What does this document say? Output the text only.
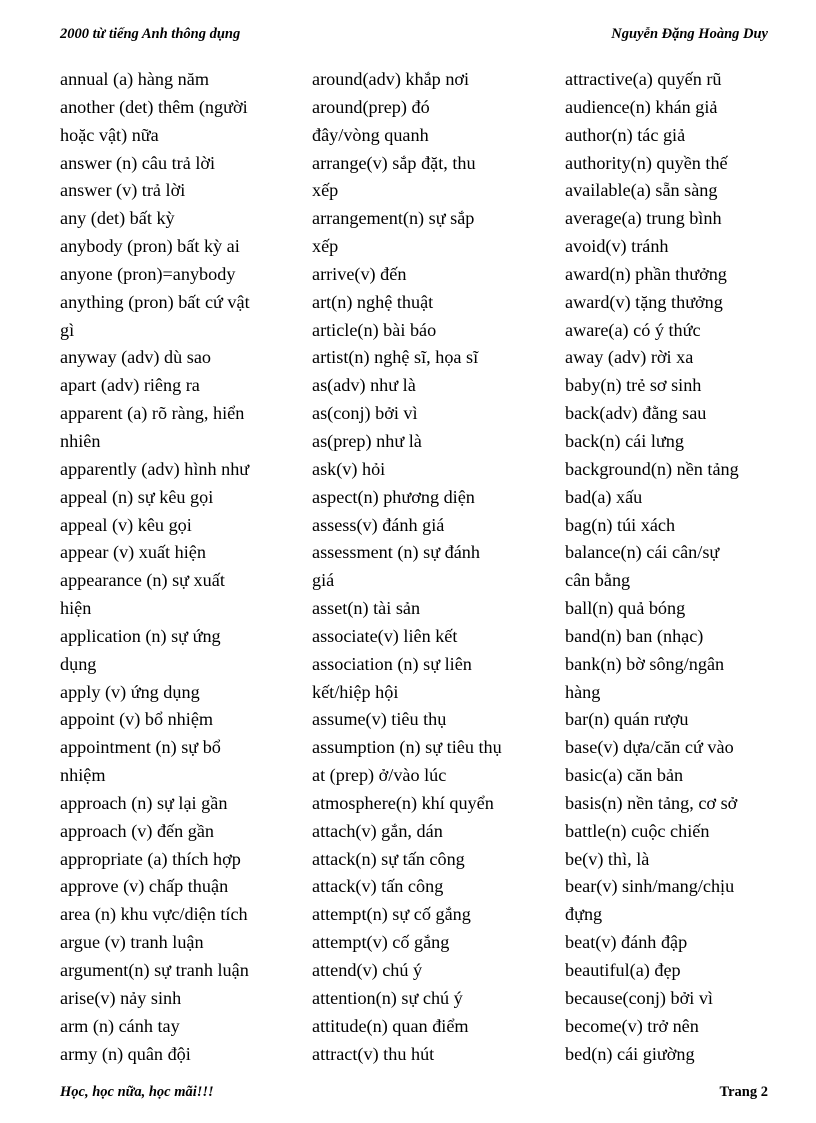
2000 từ tiếng Anh thông dụng	Nguyễn Đặng Hoàng Duy
annual (a) hàng năm
another (det) thêm (người
hoặc vật) nữa
answer (n) câu trả lời
answer (v) trả lời
any (det) bất kỳ
anybody (pron) bất kỳ ai
anyone (pron)=anybody
anything (pron) bất cứ vật
gì
anyway (adv) dù sao
apart (adv) riêng ra
apparent (a) rõ ràng, hiển
nhiên
apparently (adv) hình như
appeal (n) sự kêu gọi
appeal (v) kêu gọi
appear (v) xuất hiện
appearance (n) sự xuất
hiện
application (n) sự ứng
dụng
apply (v) ứng dụng
appoint (v) bổ nhiệm
appointment (n) sự bổ
nhiệm
approach (n) sự lại gần
approach (v) đến gần
appropriate (a) thích hợp
approve (v) chấp thuận
area (n) khu vực/diện tích
argue (v) tranh luận
argument(n) sự tranh luận
arise(v) nảy sinh
arm (n) cánh tay
army (n) quân đội
around(adv) khắp nơi
around(prep) đó
đây/vòng quanh
arrange(v) sắp đặt, thu
xếp
arrangement(n) sự sắp
xếp
arrive(v) đến
art(n) nghệ thuật
article(n) bài báo
artist(n) nghệ sĩ, họa sĩ
as(adv) như là
as(conj) bởi vì
as(prep) như là
ask(v) hỏi
aspect(n) phương diện
assess(v) đánh giá
assessment (n) sự đánh
giá
asset(n) tài sản
associate(v) liên kết
association (n) sự liên
kết/hiệp hội
assume(v) tiêu thụ
assumption (n) sự tiêu thụ
at (prep) ở/vào lúc
atmosphere(n) khí quyển
attach(v) gắn, dán
attack(n) sự tấn công
attack(v) tấn công
attempt(n) sự cố gắng
attempt(v) cố gắng
attend(v) chú ý
attention(n) sự chú ý
attitude(n) quan điểm
attract(v) thu hút
attractive(a) quyến rũ
audience(n) khán giả
author(n) tác giả
authority(n) quyền thế
available(a) sẵn sàng
average(a) trung bình
avoid(v) tránh
award(n) phần thưởng
award(v) tặng thưởng
aware(a) có ý thức
away (adv) rời xa
baby(n) trẻ sơ sinh
back(adv) đằng sau
back(n) cái lưng
background(n) nền tảng
bad(a) xấu
bag(n) túi xách
balance(n) cái cân/sự
cân bằng
ball(n) quả bóng
band(n) ban (nhạc)
bank(n) bờ sông/ngân
hàng
bar(n) quán rượu
base(v) dựa/căn cứ vào
basic(a) căn bản
basis(n) nền tảng, cơ sở
battle(n) cuộc chiến
be(v) thì, là
bear(v) sinh/mang/chịu
đựng
beat(v) đánh đập
beautiful(a) đẹp
because(conj) bởi vì
become(v) trở nên
bed(n) cái giường
Học, học nữa, học mãi!!!	Trang 2
